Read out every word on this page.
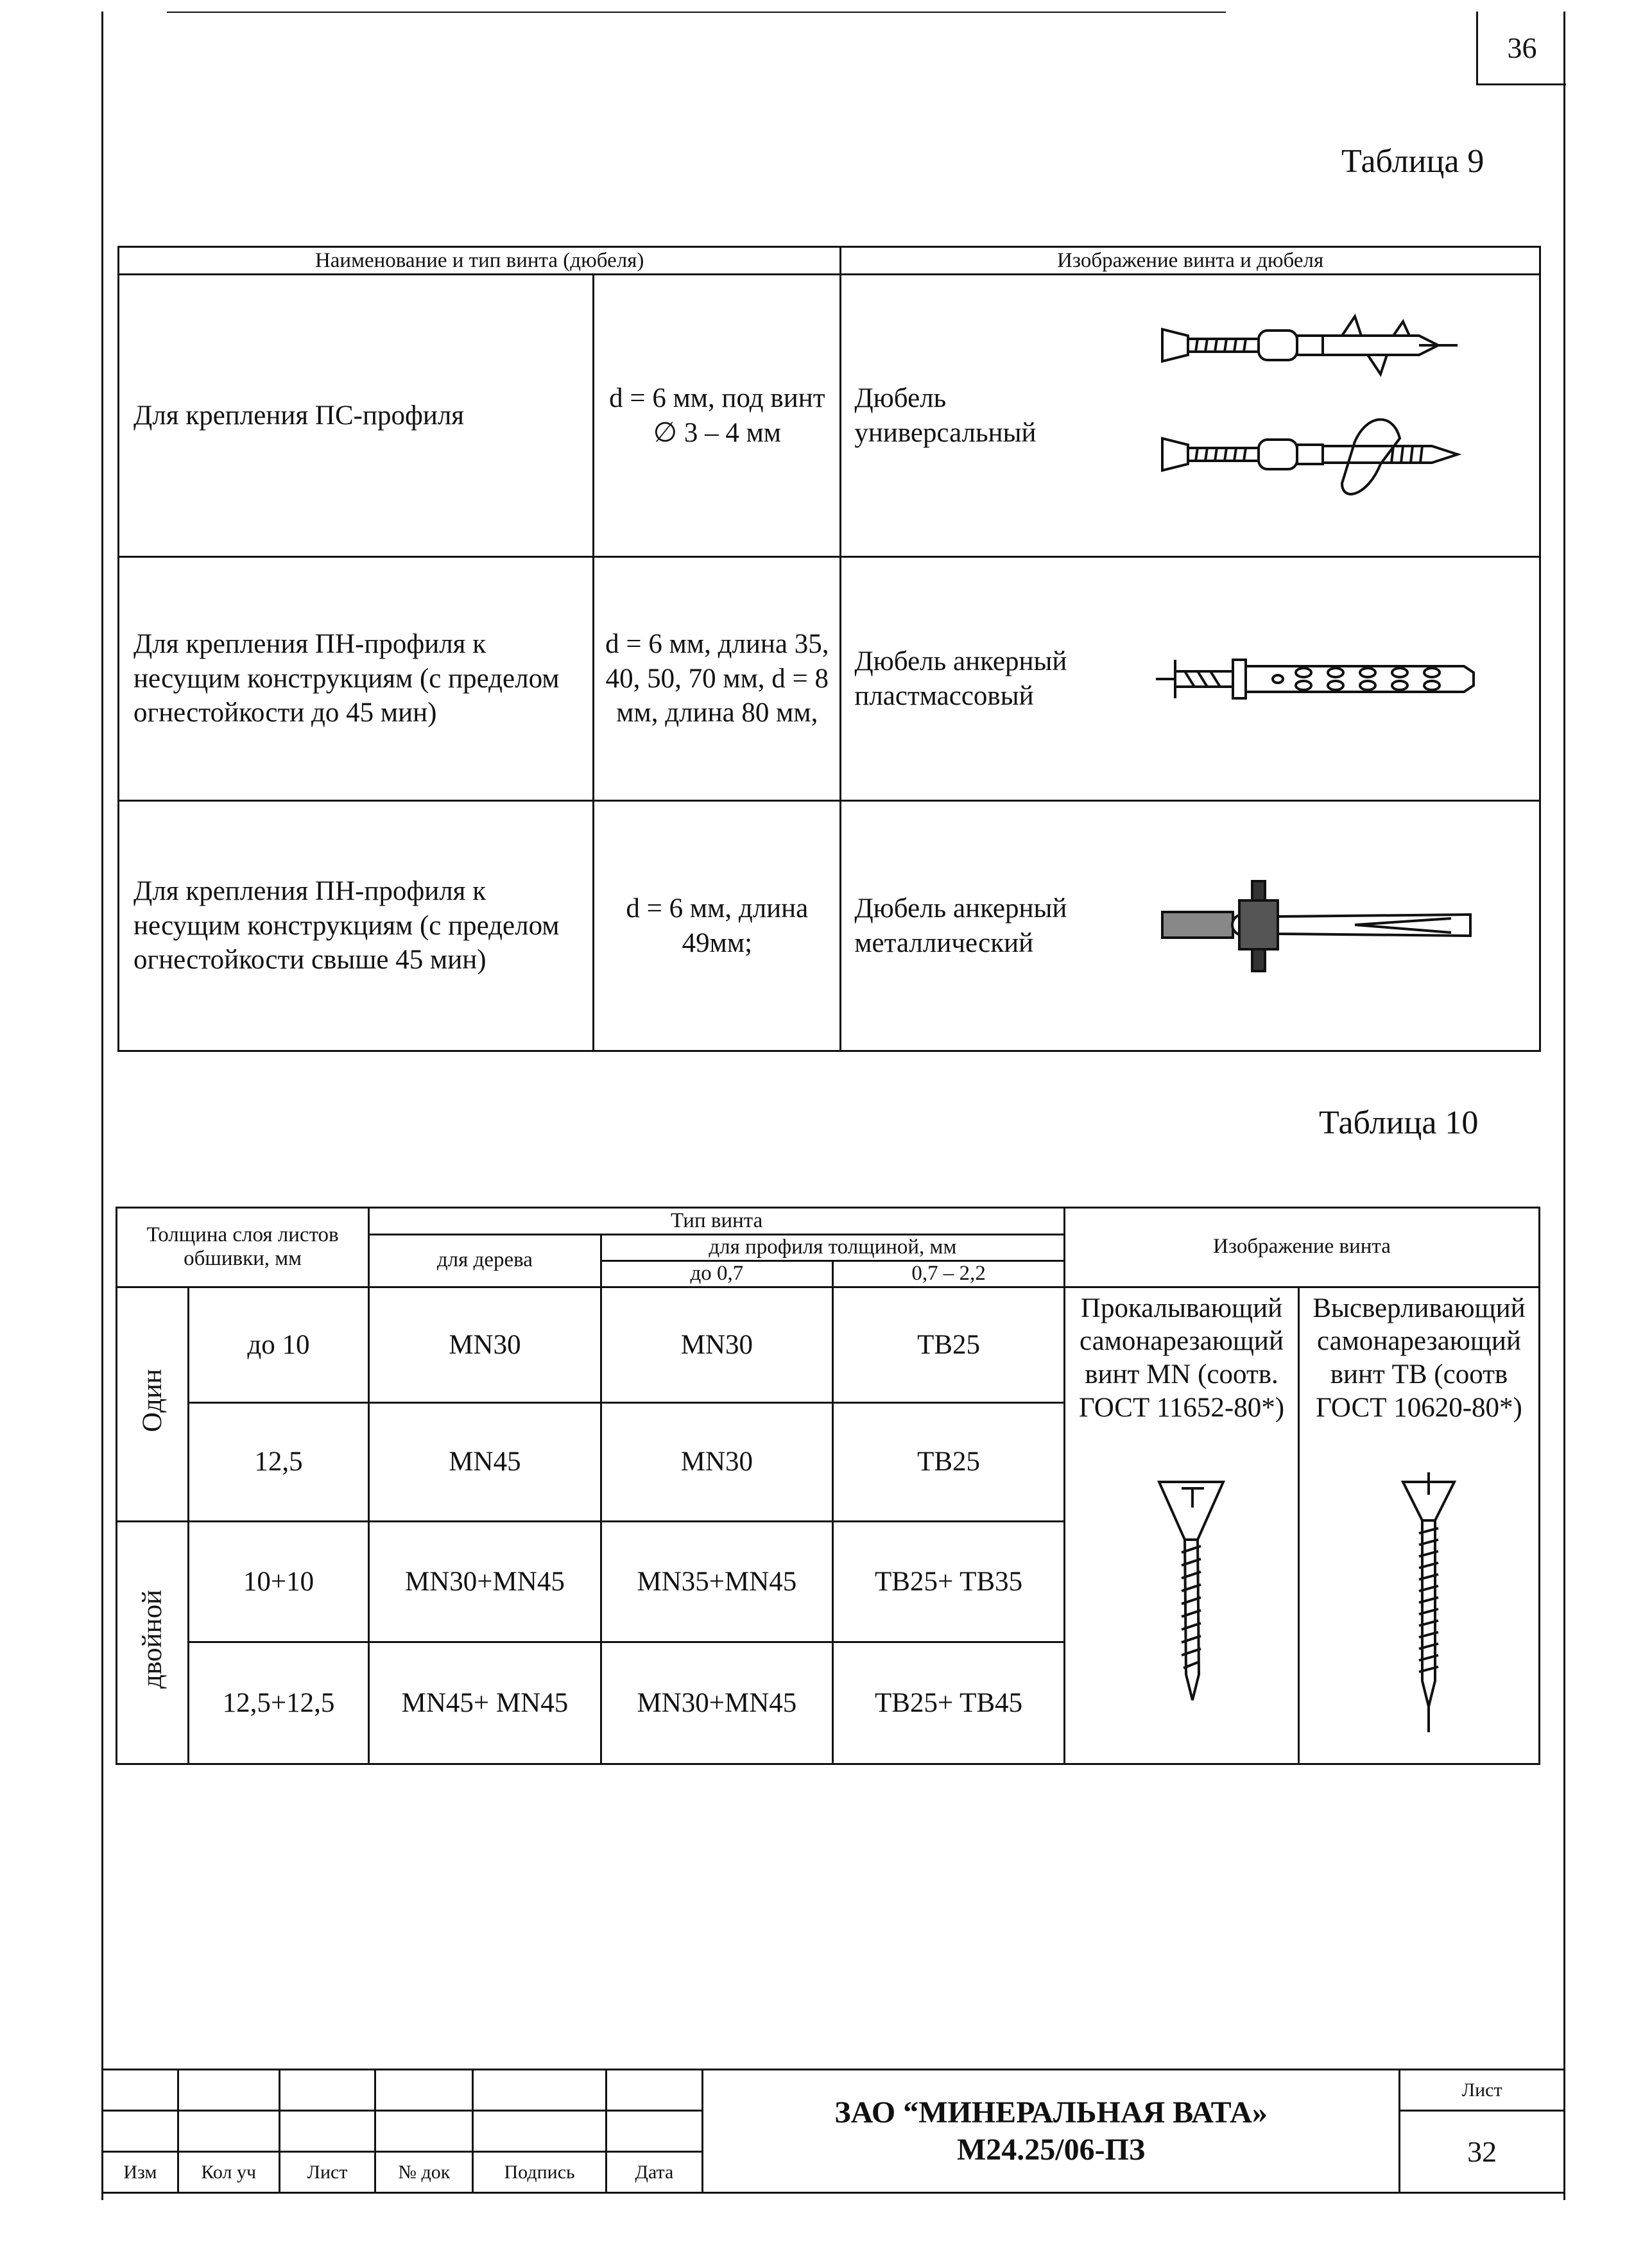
36
Таблица 9
Наименование и тип винта (дюбеля)		Изображение винта и дюбеля
Для крепления ПС-профиля	d = 6 мм, под винт ∅ 3 – 4 мм	Дюбель универсальный

Для крепления ПН-профиля к несущим конструкциям (с пределом огнестойкости до 45 мин)	d = 6 мм, длина 35, 40, 50, 70 мм, d = 8 мм, длина 80 мм,	Дюбель анкерный пластмассовый

Для крепления ПН-профиля к несущим конструкциям (с пределом огнестойкости свыше 45 мин)	d = 6 мм, длина 49мм;	Дюбель анкерный металлический
Таблица 10
Толщина слоя листов обшивки, мм		Тип винта			Изображение винта	
		для дерева	для профиля толщиной, мм			
			до 0,7	0,7 – 2,2		
Один	до 10	MN30	MN30	TB25	Прокалывающий самонарезающий винт MN (соотв. ГОСТ 11652-80*)	Высверливающий самонарезающий винт TB (соотв ГОСТ 10620-80*)

	12,5	MN45	MN30	TB25		
двойной	10+10	MN30+MN45	MN35+MN45	TB25+ TB35		
	12,5+12,5	MN45+ MN45	MN30+MN45	TB25+ TB45		

						ЗАО “МИНЕРАЛЬНАЯ ВАТА»
М24.25/06-ПЗ	Лист
							32
Изм	Кол уч	Лист	№ док	Подпись	Дата		
